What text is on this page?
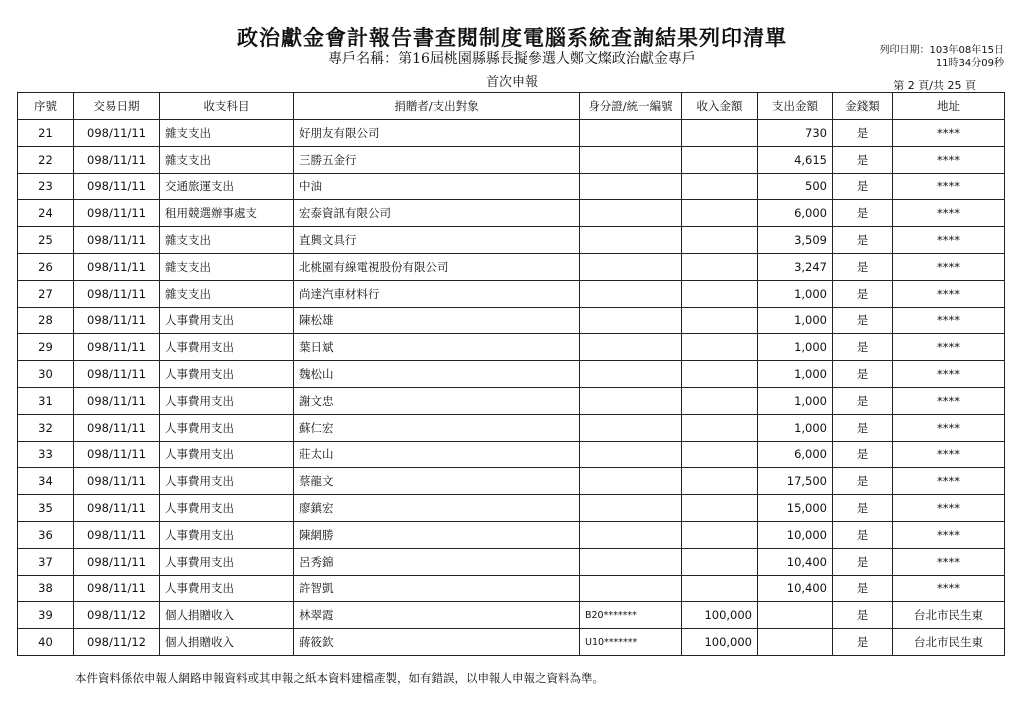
政治獻金會計報告書查閱制度電腦系統查詢結果列印清單
專戶名稱：第16屆桃園縣縣長擬參選人鄭文燦政治獻金專戶
首次申報
列印日期：103年08年15日
11時34分09秒
第 2 頁/共 25 頁
序號	交易日期	收支科目	捐贈者/支出對象	身分證/統一編號	收入金額	支出金額	金錢類	地址
21	098/11/11	雜支支出	好朋友有限公司			730	是	****
22	098/11/11	雜支支出	三勝五金行			4,615	是	****
23	098/11/11	交通旅運支出	中油			500	是	****
24	098/11/11	租用競選辦事處支	宏泰資訊有限公司			6,000	是	****
25	098/11/11	雜支支出	直興文具行			3,509	是	****
26	098/11/11	雜支支出	北桃園有線電視股份有限公司			3,247	是	****
27	098/11/11	雜支支出	尚達汽車材料行			1,000	是	****
28	098/11/11	人事費用支出	陳松雄			1,000	是	****
29	098/11/11	人事費用支出	葉日斌			1,000	是	****
30	098/11/11	人事費用支出	魏松山			1,000	是	****
31	098/11/11	人事費用支出	謝文忠			1,000	是	****
32	098/11/11	人事費用支出	蘇仁宏			1,000	是	****
33	098/11/11	人事費用支出	莊太山			6,000	是	****
34	098/11/11	人事費用支出	蔡龍文			17,500	是	****
35	098/11/11	人事費用支出	廖鎮宏			15,000	是	****
36	098/11/11	人事費用支出	陳網勝			10,000	是	****
37	098/11/11	人事費用支出	呂秀錦			10,400	是	****
38	098/11/11	人事費用支出	許智凱			10,400	是	****
39	098/11/12	個人捐贈收入	林翠霞	B20*******	100,000		是	台北市民生東
40	098/11/12	個人捐贈收入	蔣筱欽	U10*******	100,000		是	台北市民生東
本件資料係依申報人網路申報資料或其申報之紙本資料建檔產製，如有錯誤，以申報人申報之資料為準。
